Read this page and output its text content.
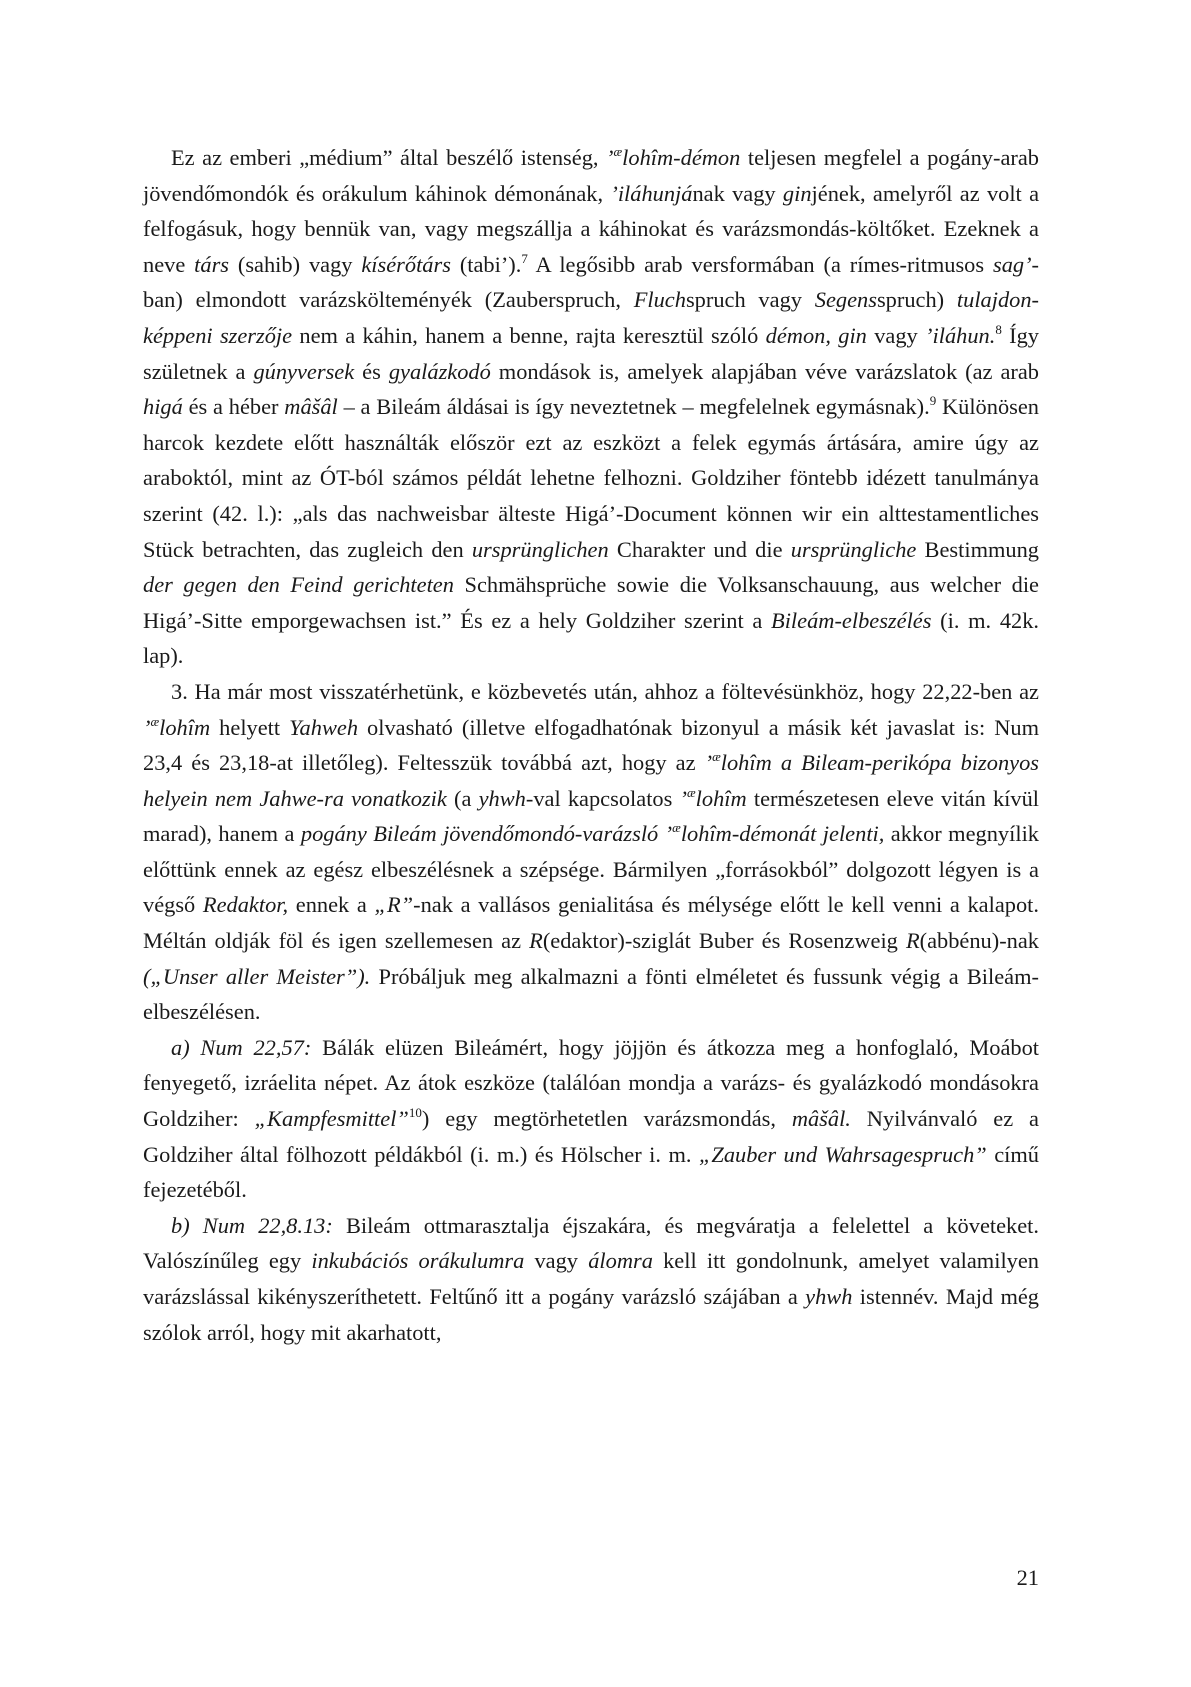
Ez az emberi „médium” által beszélő istenség, ’$^æ$lohîm-démon teljesen megfelel a pogány-arab jövendőmondók és orákulum káhinok démonának, ’iláhunjának vagy ginjének, amelyről az volt a felfogásuk, hogy bennük van, vagy megszállja a káhinokat és varázsmondás-költőket. Ezeknek a neve társ (sahib) vagy kísérőtárs (tabi’).$^7$ A legősibb arab versformában (a rímes-ritmusos sag’-ban) elmondott varázskölteményék (Zauberspruch, Fluchspruch vagy Segensspruch) tulajdonképpeni szerzője nem a káhin, hanem a benne, rajta keresztül szóló démon, gin vagy ’iláhun.$^8$ Így születnek a gúnyversek és gyalázkodó mondások is, amelyek alapjában véve varázslatok (az arab higá és a héber mâšâl – a Bileám áldásai is így neveztetnek – megfelelnek egymásnak).$^9$ Különösen harcok kezdete előtt használták először ezt az eszközt a felek egymás ártására, amire úgy az araboktól, mint az ÓT-ból számos példát lehetne felhozni. Goldziher föntebb idézett tanulmánya szerint (42. l.): „als das nachweisbar älteste Higá’-Document können wir ein alttestamentliches Stück betrachten, das zugleich den ursprünglichen Charakter und die ursprüngliche Bestimmung der gegen den Feind gerichteten Schmähsprüche sowie die Volksanschauung, aus welcher die Higá’-Sitte emporgewachsen ist.” És ez a hely Goldziher szerint a Bileám-elbeszélés (i. m. 42k. lap).

3. Ha már most visszatérhetünk, e közbevetés után, ahhoz a föltevésünkhöz, hogy 22,22-ben az ’$^æ$lohîm helyett Yahweh olvasható (illetve elfogadhatónak bizonyul a másik két javaslat is: Num 23,4 és 23,18-at illetőleg). Feltesszük továbbá azt, hogy az ’$^æ$lohîm a Bileam-perikópa bizonyos helyein nem Jahwe-ra vonatkozik (a yhwh-val kapcsolatos ’$^æ$lohîm természetesen eleve vitán kívül marad), hanem a pogány Bileám jövendőmondó-varázsló ’$^æ$lohîm-démonát jelenti, akkor megnyílik előttünk ennek az egész elbeszélésnek a szépsége. Bármilyen „forrásokból” dolgozott légyen is a végső Redaktor, ennek a „R”-nak a vallásos genialitása és mélysége előtt le kell venni a kalapot. Méltán oldják föl és igen szellemesen az R(edaktor)-sziglát Buber és Rosenzweig R(abbénu)-nak („Unser aller Meister”). Próbáljuk meg alkalmazni a fönti elméletet és fussunk végig a Bileám-elbeszélésen.

a) Num 22,57: Bálák elüzen Bileámért, hogy jöjjön és átkozza meg a honfoglaló, Moábot fenyegető, izráelita népet. Az átok eszköze (találóan mondja a varázs- és gyalázkodó mondásokra Goldziher: „Kampfesmittel”$^{10}$) egy megtörhetetlen varázsmondás, mâšâl. Nyilvánvaló ez a Goldziher által fölhozott példákból (i. m.) és Hölscher i. m. „Zauber und Wahrsagespruch” című fejezetéből.

b) Num 22,8.13: Bileám ottmarasztalja éjszakára, és megváratja a felelettel a követeket. Valószínűleg egy inkubációs orákulumra vagy álomra kell itt gondolnunk, amelyet valamilyen varázslással kikényszeríthetett. Feltűnő itt a pogány varázsló szájában a yhwh istennév. Majd még szólok arról, hogy mit akarhatott,

21
